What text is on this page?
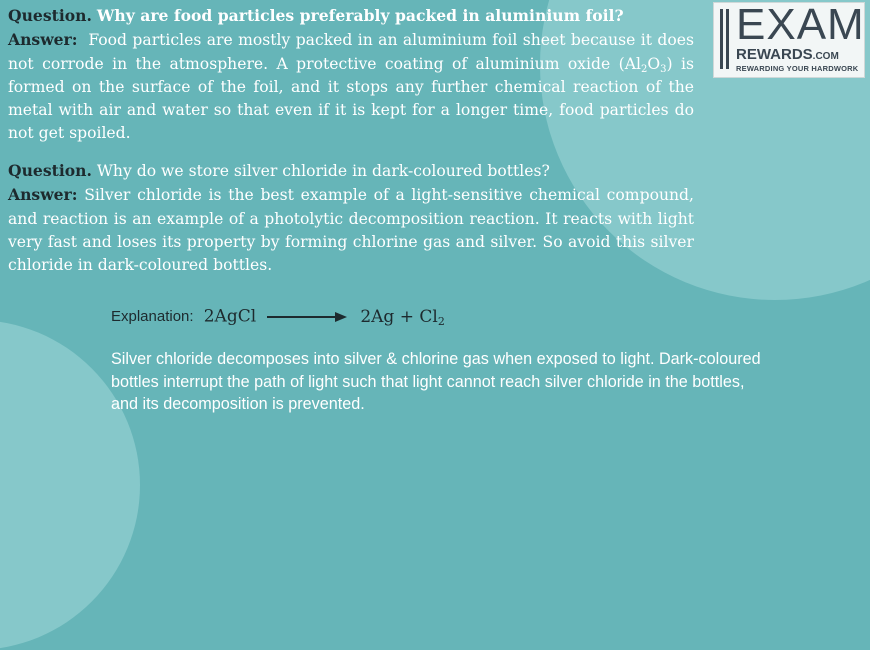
EXAM
REWARDS.COM
REWARDING YOUR HARDWORK

Question. Why are food particles preferably packed in aluminium foil?

Answer: Food particles are mostly packed in an aluminium foil sheet because it does not corrode in the atmosphere. A protective coating of aluminium oxide $(Al_2O_3)$ is formed on the surface of the foil, and it stops any further chemical reaction of the metal with air and water so that even if it is kept for a longer time, food particles do not get spoiled.

Question. Why do we store silver chloride in dark-coloured bottles?

Answer: Silver chloride is the best example of a light-sensitive chemical compound, and reaction is an example of a photolytic decomposition reaction. It reacts with light very fast and loses its property by forming chlorine gas and silver. So avoid this silver chloride in dark-coloured bottles.

Explanation: 2AgCl	$2Ag + Cl_2$
Silver chloride decomposes into silver & chlorine gas when exposed to light. Dark-coloured bottles interrupt the path of light such that light cannot reach silver chloride in the bottles, and its decomposition is prevented.
